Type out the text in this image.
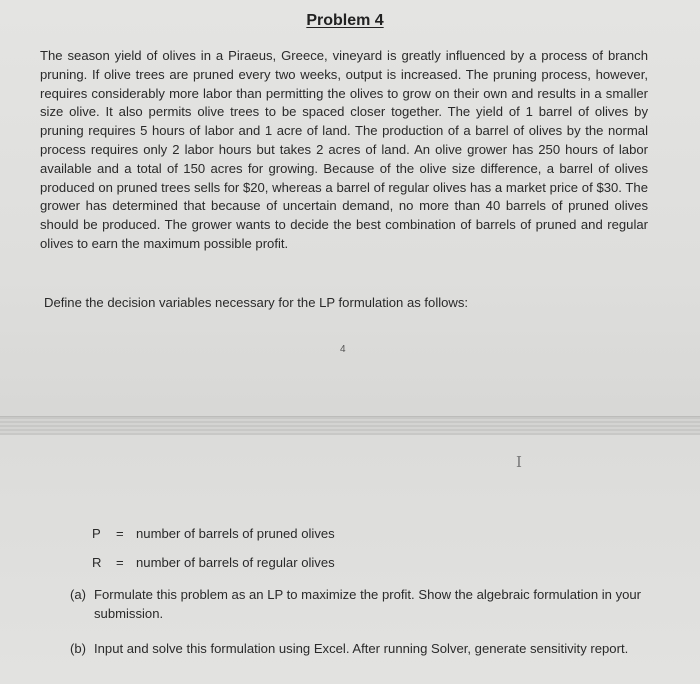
Problem 4
The season yield of olives in a Piraeus, Greece, vineyard is greatly influenced by a process of branch pruning. If olive trees are pruned every two weeks, output is increased. The pruning process, however, requires considerably more labor than permitting the olives to grow on their own and results in a smaller size olive. It also permits olive trees to be spaced closer together. The yield of 1 barrel of olives by pruning requires 5 hours of labor and 1 acre of land. The production of a barrel of olives by the normal process requires only 2 labor hours but takes 2 acres of land. An olive grower has 250 hours of labor available and a total of 150 acres for growing. Because of the olive size difference, a barrel of olives produced on pruned trees sells for $20, whereas a barrel of regular olives has a market price of $30. The grower has determined that because of uncertain demand, no more than 40 barrels of pruned olives should be produced. The grower wants to decide the best combination of barrels of pruned and regular olives to earn the maximum possible profit.
Define the decision variables necessary for the LP formulation as follows:
4
I
P = number of barrels of pruned olives
R = number of barrels of regular olives
(a) Formulate this problem as an LP to maximize the profit. Show the algebraic formulation in your submission.
(b) Input and solve this formulation using Excel. After running Solver, generate sensitivity report.
